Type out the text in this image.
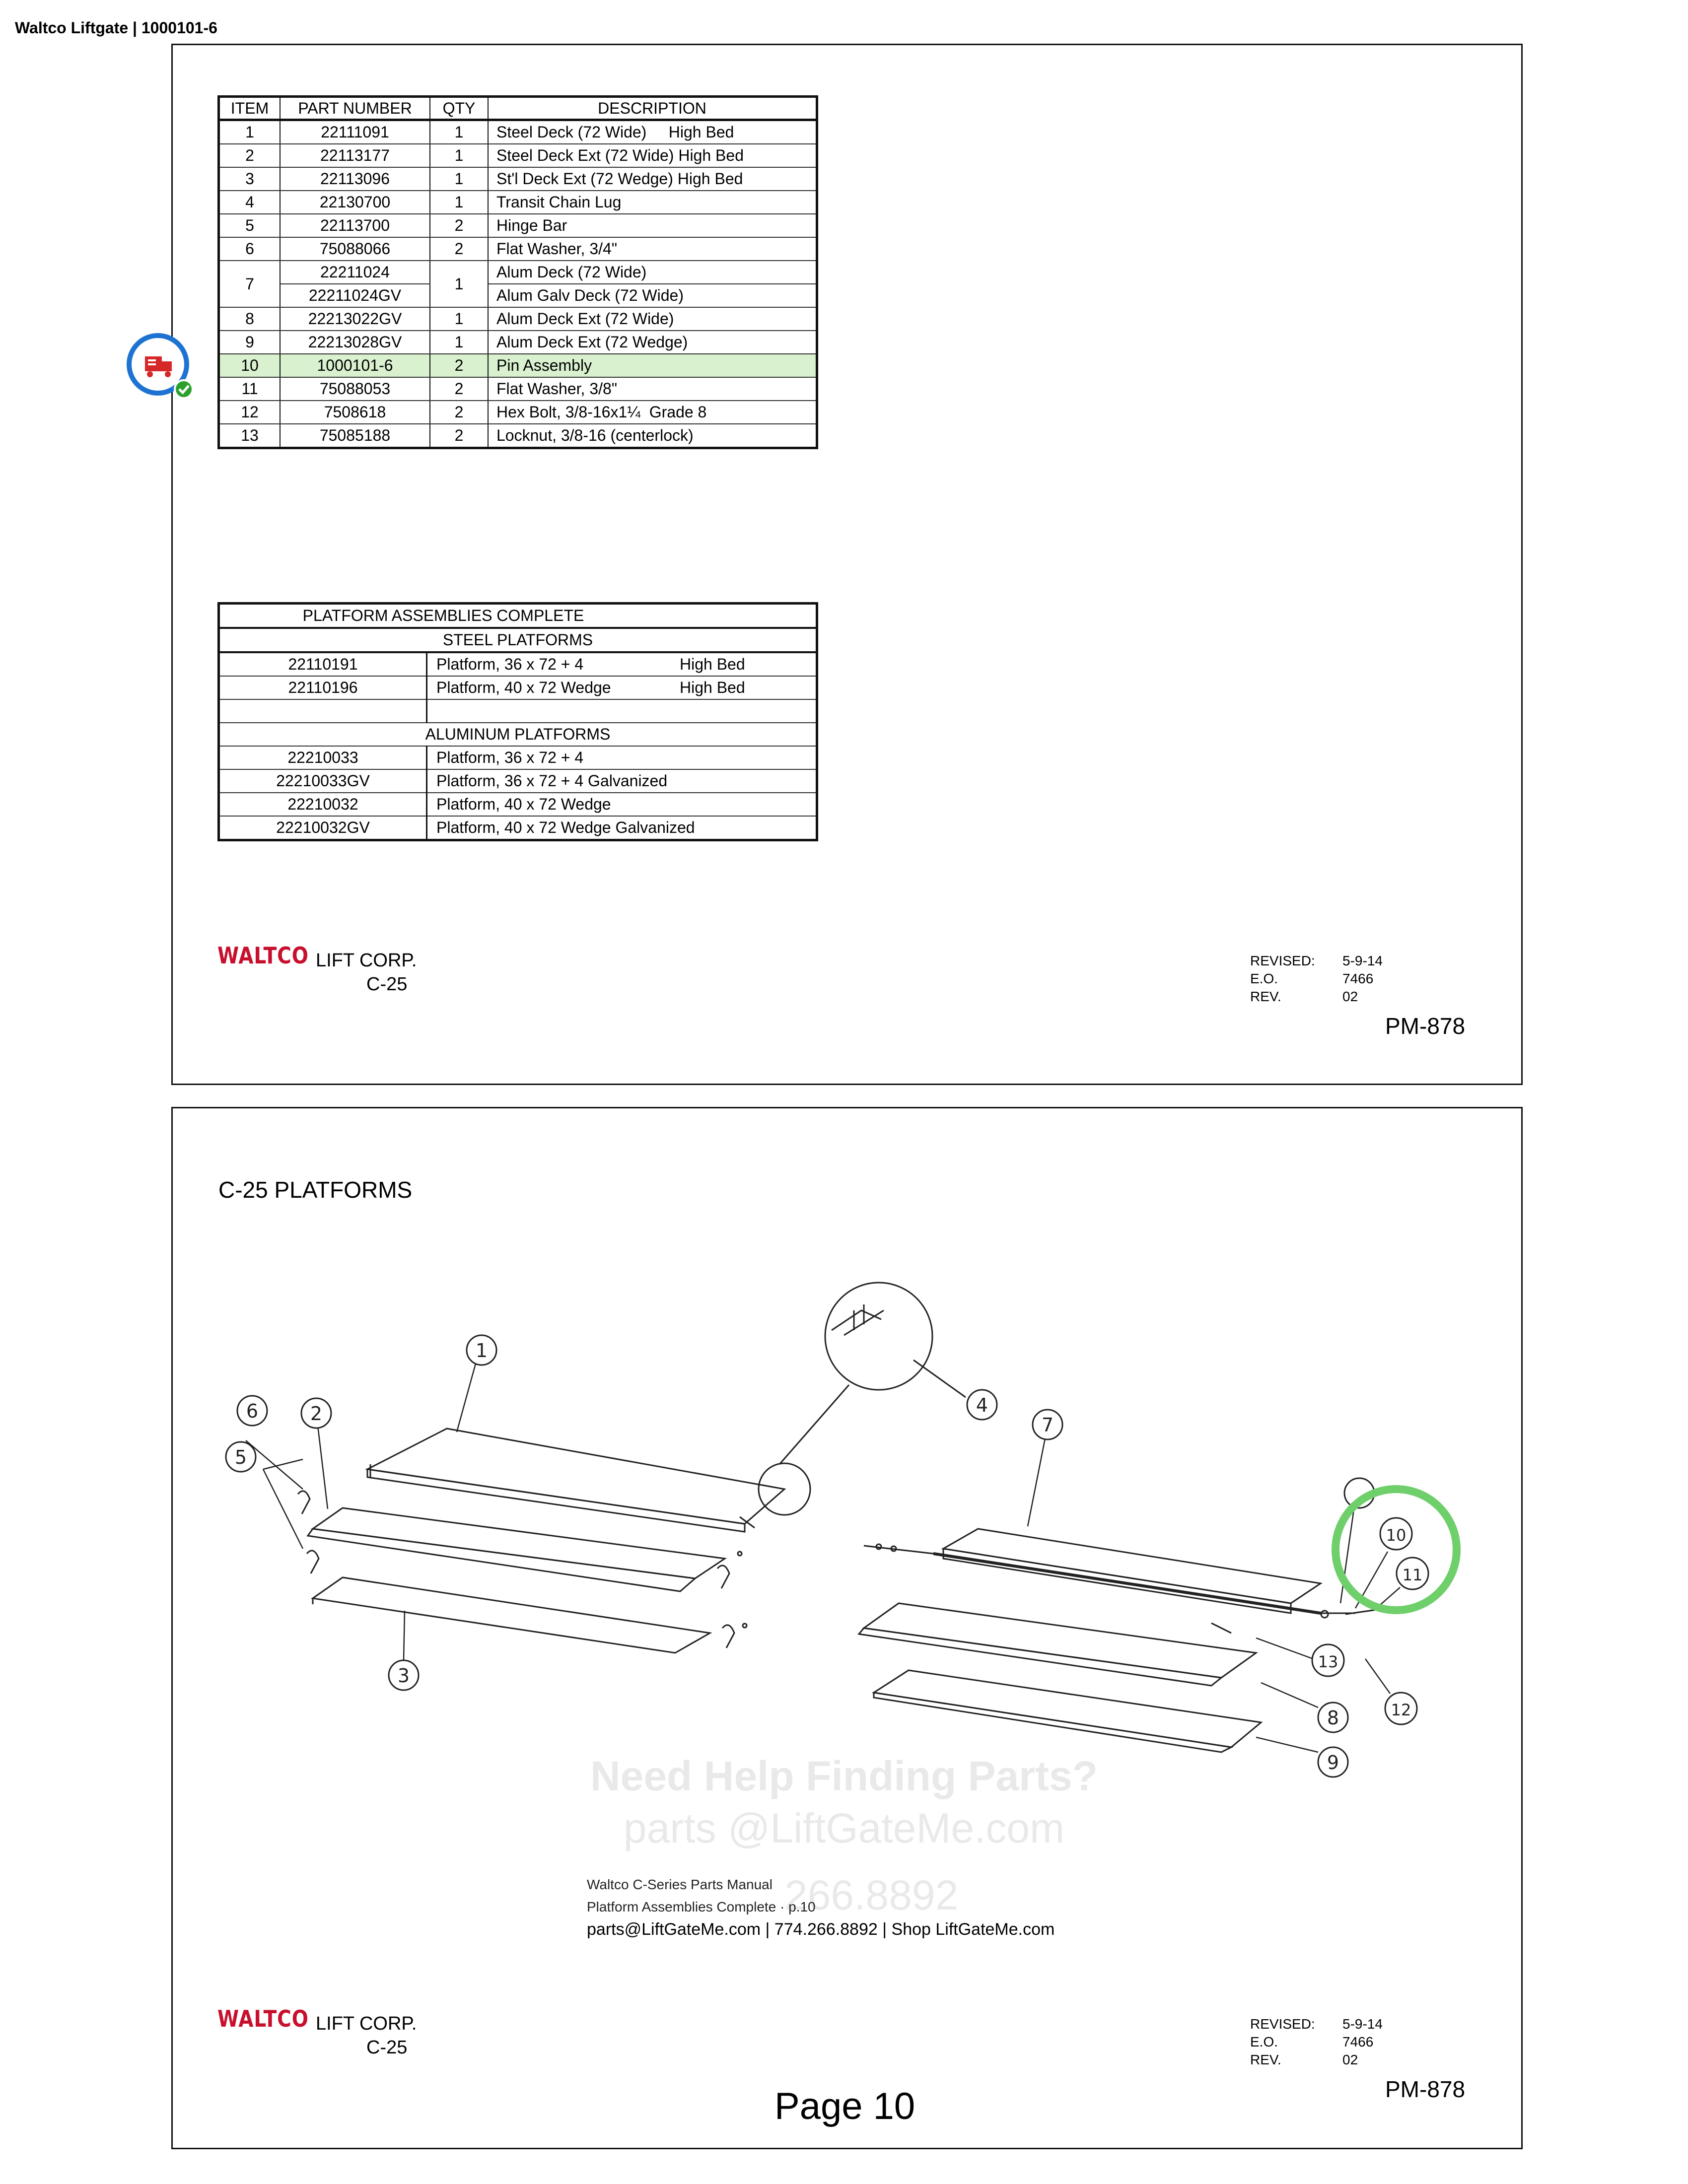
Waltco Liftgate | 1000101-6
ITEM	PART NUMBER	QTY	DESCRIPTION
1	22111091	1	Steel Deck (72 Wide)     High Bed
2	22113177	1	Steel Deck Ext (72 Wide) High Bed
3	22113096	1	St'l Deck Ext (72 Wedge) High Bed
4	22130700	1	Transit Chain Lug
5	22113700	2	Hinge Bar
6	75088066	2	Flat Washer, 3/4"
7	22211024	1	Alum Deck (72 Wide)
	22211024GV		Alum Galv Deck (72 Wide)
8	22213022GV	1	Alum Deck Ext (72 Wide)
9	22213028GV	1	Alum Deck Ext (72 Wedge)
10	1000101-6	2	Pin Assembly
11	75088053	2	Flat Washer, 3/8"
12	7508618	2	Hex Bolt, 3/8-16x1¼  Grade 8
13	75085188	2	Locknut, 3/8-16 (centerlock)
PLATFORM ASSEMBLIES COMPLETE		
STEEL PLATFORMS		
22110191	Platform, 36 x 72 + 4	High Bed
22110196	Platform, 40 x 72 Wedge	High Bed

ALUMINUM PLATFORMS		
22210033	Platform, 36 x 72 + 4	
22210033GV	Platform, 36 x 72 + 4 Galvanized	
22210032	Platform, 40 x 72 Wedge	
22210032GV	Platform, 40 x 72 Wedge Galvanized	
WALTCO LIFT CORP.
C-25
REVISED: 5-9-14
E.O.	7466
REV.	02
PM-878
C-25 PLATFORMS
1
2
3
4
5
6
7
8
9
10
11
12
13
Need Help Finding Parts?
parts @LiftGateMe.com
266.8892
Waltco C-Series Parts Manual
Platform Assemblies Complete · p.10
parts@LiftGateMe.com | 774.266.8892 | Shop LiftGateMe.com
WALTCO LIFT CORP.
C-25
REVISED: 5-9-14
E.O.	7466
REV.	02
PM-878
Page 10
